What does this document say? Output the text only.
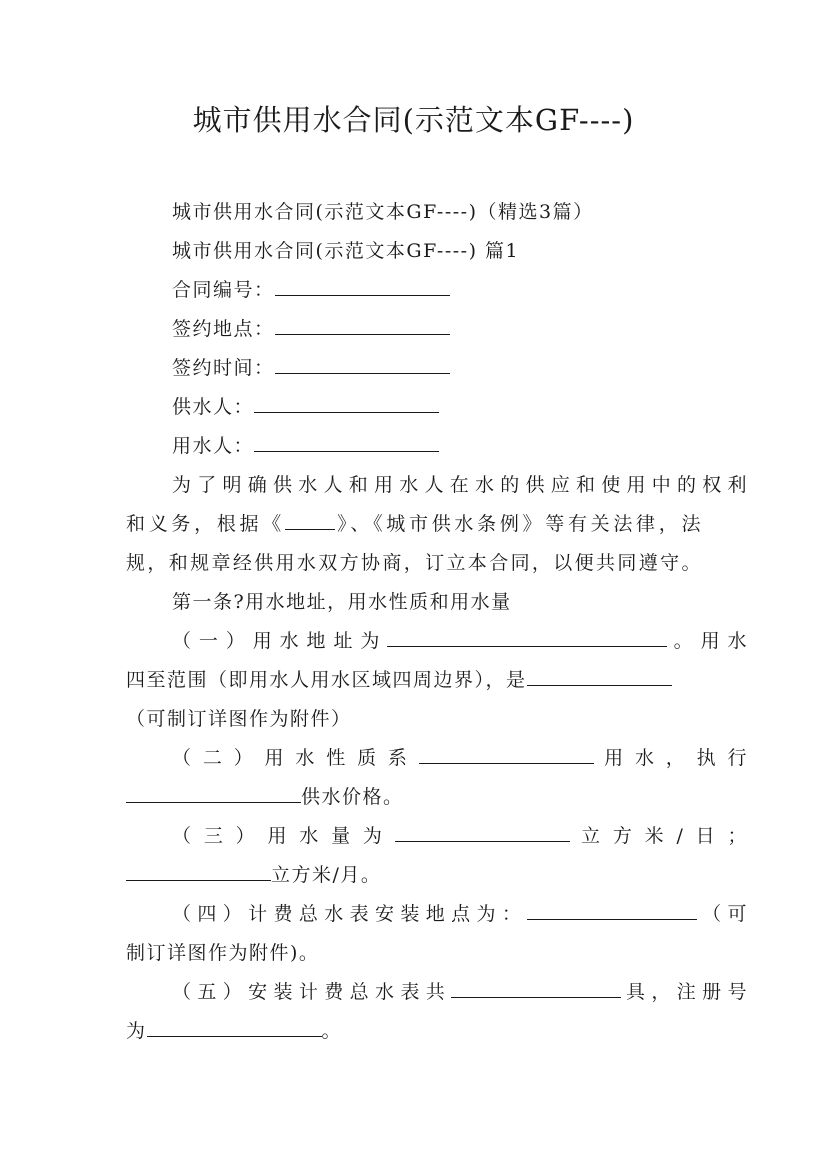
城市供用水合同(示范文本GF----)
城市供用水合同(示范文本GF----)（精选3篇）
城市供用水合同(示范文本GF----) 篇1
合同编号：
签约地点：
签约时间：
供水人：
用水人：
为了明确供水人和用水人在水的供应和使用中的权利
和义务，根据《	》、《城市供水条例》等有关法律，法
规，和规章经供用水双方协商，订立本合同，以便共同遵守。
第一条?用水地址，用水性质和用水量
（一）用水地址为	。用水
四至范围（即用水人用水区域四周边界），是
（可制订详图作为附件）
（二）用水性质系	用水，执行
供水价格。
（三）用水量为	立方米/日；
立方米/月。
（四）计费总水表安装地点为：	（可
制订详图作为附件)。
（五）安装计费总水表共	具，注册号
为	。
